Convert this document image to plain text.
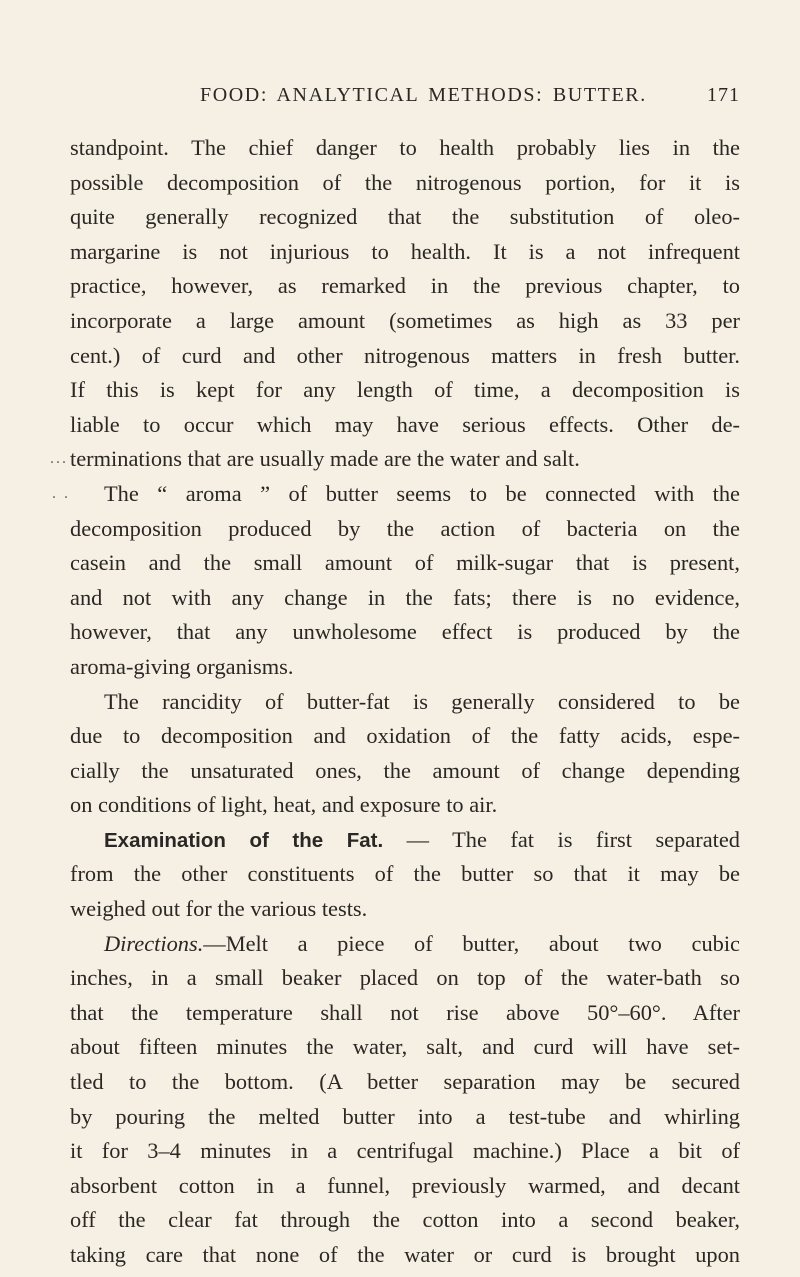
FOOD: ANALYTICAL METHODS: BUTTER.	171
...
. .
standpoint. The chief danger to health probably lies in the
possible decomposition of the nitrogenous portion, for it is
quite generally recognized that the substitution of oleo-
margarine is not injurious to health. It is a not infrequent
practice, however, as remarked in the previous chapter, to
incorporate a large amount (sometimes as high as 33 per
cent.) of curd and other nitrogenous matters in fresh butter.
If this is kept for any length of time, a decomposition is
liable to occur which may have serious effects. Other de-
terminations that are usually made are the water and salt.
The “ aroma ” of butter seems to be connected with the
decomposition produced by the action of bacteria on the
casein and the small amount of milk-sugar that is present,
and not with any change in the fats; there is no evidence,
however, that any unwholesome effect is produced by the
aroma-giving organisms.
The rancidity of butter-fat is generally considered to be
due to decomposition and oxidation of the fatty acids, espe-
cially the unsaturated ones, the amount of change depending
on conditions of light, heat, and exposure to air.
Examination of the Fat. — The fat is first separated
from the other constituents of the butter so that it may be
weighed out for the various tests.
Directions.—Melt a piece of butter, about two cubic
inches, in a small beaker placed on top of the water-bath so
that the temperature shall not rise above 50°–60°. After
about fifteen minutes the water, salt, and curd will have set-
tled to the bottom. (A better separation may be secured
by pouring the melted butter into a test-tube and whirling
it for 3–4 minutes in a centrifugal machine.) Place a bit of
absorbent cotton in a funnel, previously warmed, and decant
off the clear fat through the cotton into a second beaker,
taking care that none of the water or curd is brought upon
